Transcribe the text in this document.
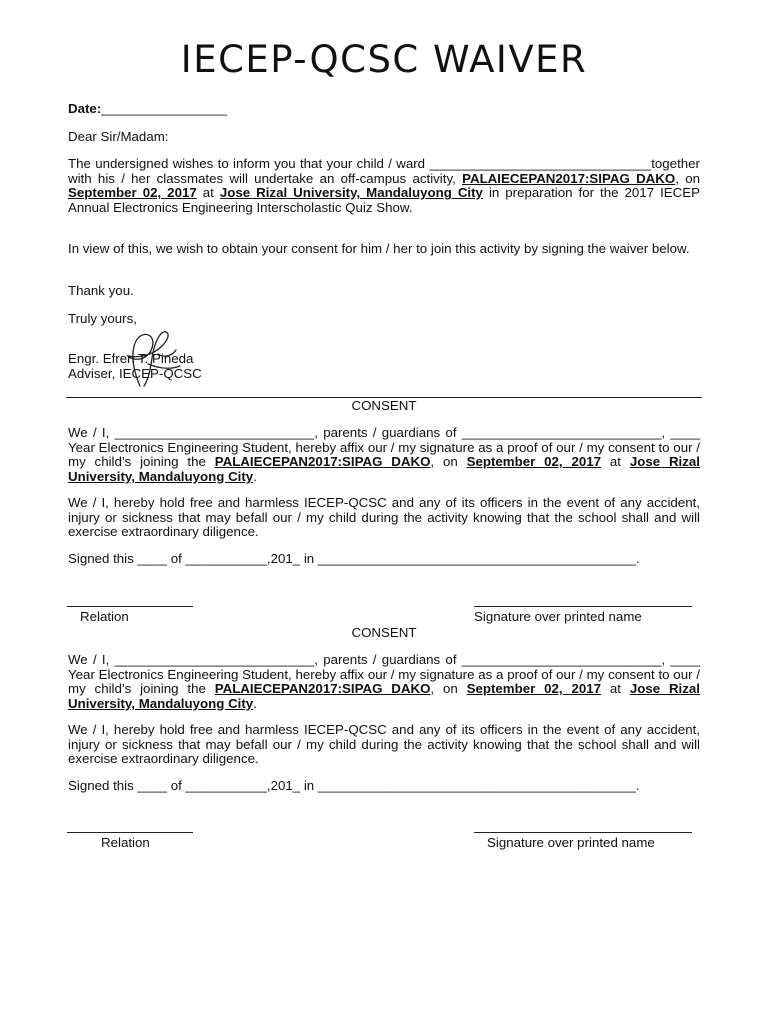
IECEP-QCSC WAIVER
Date:_________________
Dear Sir/Madam:
The undersigned wishes to inform you that your child / ward ______________________________together with his / her classmates will undertake an off-campus activity, PALAIECEPAN2017:SIPAG DAKO, on September 02, 2017 at Jose Rizal University, Mandaluyong City in preparation for the 2017 IECEP Annual Electronics Engineering Interscholastic Quiz Show.
In view of this, we wish to obtain your consent for him / her to join this activity by signing the waiver below.
Thank you.
Truly yours,
Engr. Efren T. Pineda
Adviser, IECEP-QCSC
CONSENT
We / I, ___________________________, parents / guardians of ___________________________, ____ Year Electronics Engineering Student, hereby affix our / my signature as a proof of our / my consent to our / my child’s joining the PALAIECEPAN2017:SIPAG DAKO, on September 02, 2017 at Jose Rizal University, Mandaluyong City.
We / I, hereby hold free and harmless IECEP-QCSC and any of its officers in the event of any accident, injury or sickness that may befall our / my child during the activity knowing that the school shall and will exercise extraordinary diligence.
Signed this ____ of ___________,201_ in ___________________________________________.
Relation	Signature over printed name
CONSENT
We / I, ___________________________, parents / guardians of ___________________________, ____ Year Electronics Engineering Student, hereby affix our / my signature as a proof of our / my consent to our / my child’s joining the PALAIECEPAN2017:SIPAG DAKO, on September 02, 2017 at Jose Rizal University, Mandaluyong City.
We / I, hereby hold free and harmless IECEP-QCSC and any of its officers in the event of any accident, injury or sickness that may befall our / my child during the activity knowing that the school shall and will exercise extraordinary diligence.
Signed this ____ of ___________,201_ in ___________________________________________.
Relation	Signature over printed name
